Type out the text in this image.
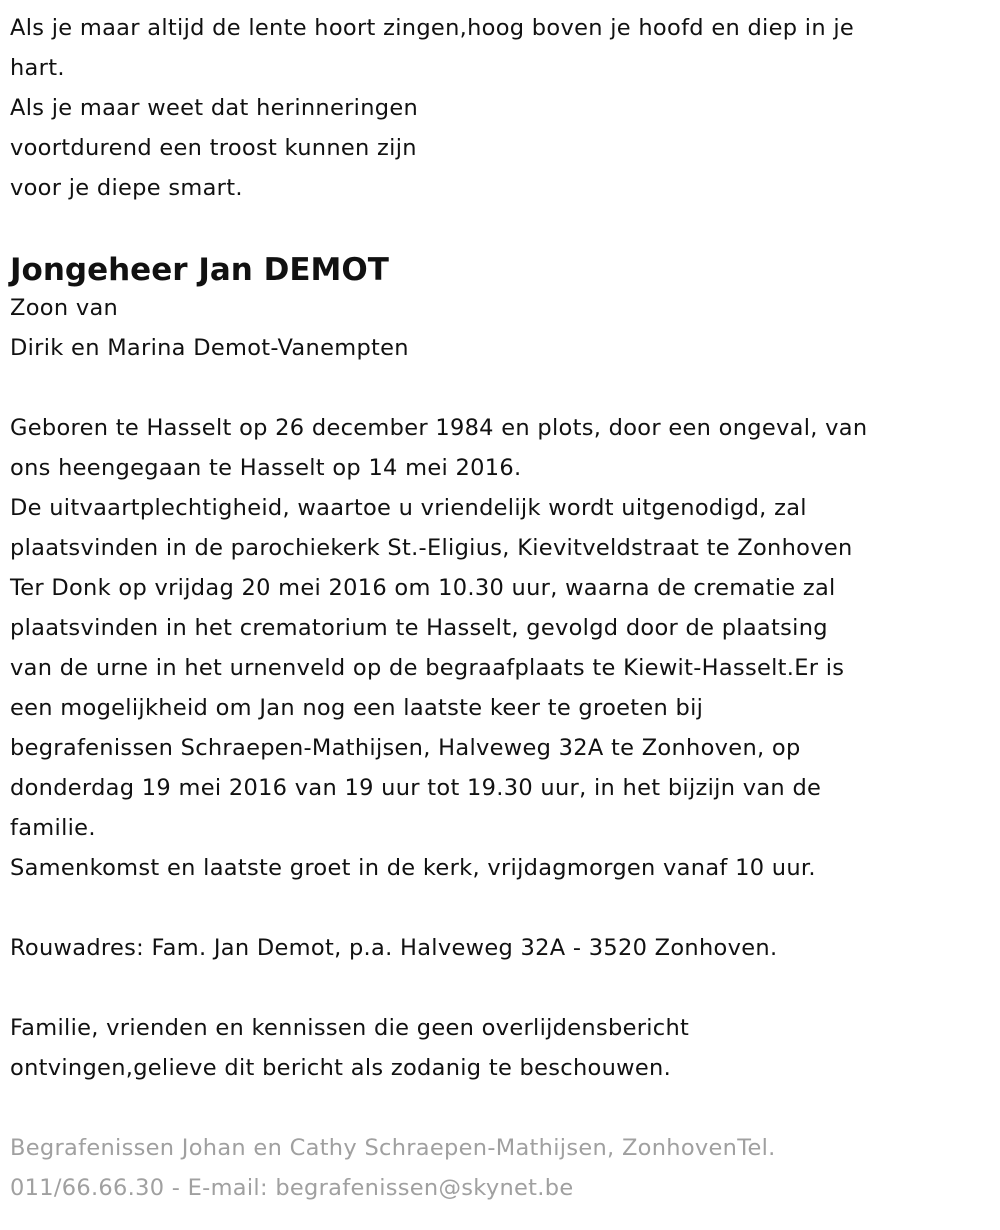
Als je maar altijd de lente hoort zingen,hoog boven je hoofd en diep in je
hart.
Als je maar weet dat herinneringen
voortdurend een troost kunnen zijn
voor je diepe smart.
Jongeheer Jan DEMOT
Zoon van
Dirik en Marina Demot-Vanempten
Geboren te Hasselt op 26 december 1984 en plots, door een ongeval, van
ons heengegaan te Hasselt op 14 mei 2016.
De uitvaartplechtigheid, waartoe u vriendelijk wordt uitgenodigd, zal
plaatsvinden in de parochiekerk St.-Eligius, Kievitveldstraat te Zonhoven
Ter Donk op vrijdag 20 mei 2016 om 10.30 uur, waarna de crematie zal
plaatsvinden in het crematorium te Hasselt, gevolgd door de plaatsing
van de urne in het urnenveld op de begraafplaats te Kiewit-Hasselt.Er is
een mogelijkheid om Jan nog een laatste keer te groeten bij
begrafenissen Schraepen-Mathijsen, Halveweg 32A te Zonhoven, op
donderdag 19 mei 2016 van 19 uur tot 19.30 uur, in het bijzijn van de
familie.
Samenkomst en laatste groet in de kerk, vrijdagmorgen vanaf 10 uur.
Rouwadres: Fam. Jan Demot, p.a. Halveweg 32A - 3520 Zonhoven.
Familie, vrienden en kennissen die geen overlijdensbericht
ontvingen,gelieve dit bericht als zodanig te beschouwen.
Begrafenissen Johan en Cathy Schraepen-Mathijsen, ZonhovenTel.
011/66.66.30 - E-mail: begrafenissen@skynet.be
